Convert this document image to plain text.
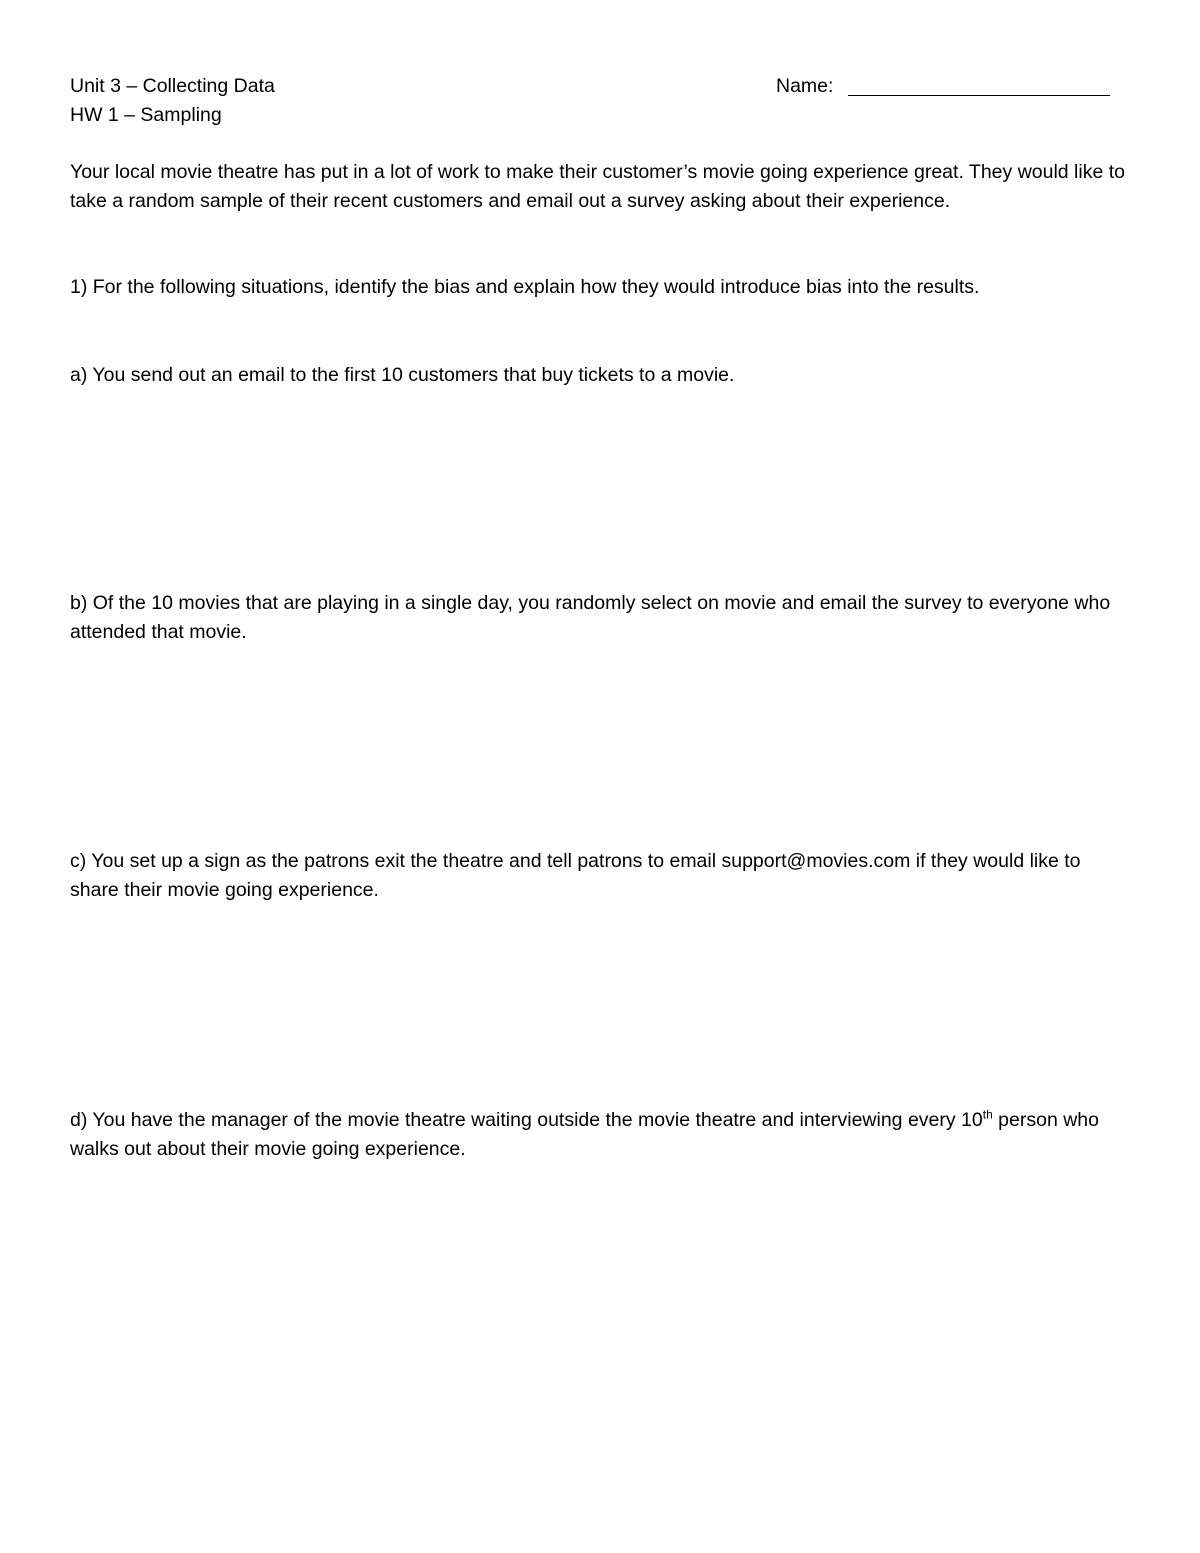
Unit 3 – Collecting Data

HW 1 – Sampling

Name:

Your local movie theatre has put in a lot of work to make their customer’s movie going experience great. They would like to take a random sample of their recent customers and email out a survey asking about their experience.

1) For the following situations, identify the bias and explain how they would introduce bias into the results.

a) You send out an email to the first 10 customers that buy tickets to a movie.

b) Of the 10 movies that are playing in a single day, you randomly select on movie and email the survey to everyone who attended that movie.

c) You set up a sign as the patrons exit the theatre and tell patrons to email support@movies.com if they would like to share their movie going experience.

d) You have the manager of the movie theatre waiting outside the movie theatre and interviewing every 10th person who walks out about their movie going experience.
